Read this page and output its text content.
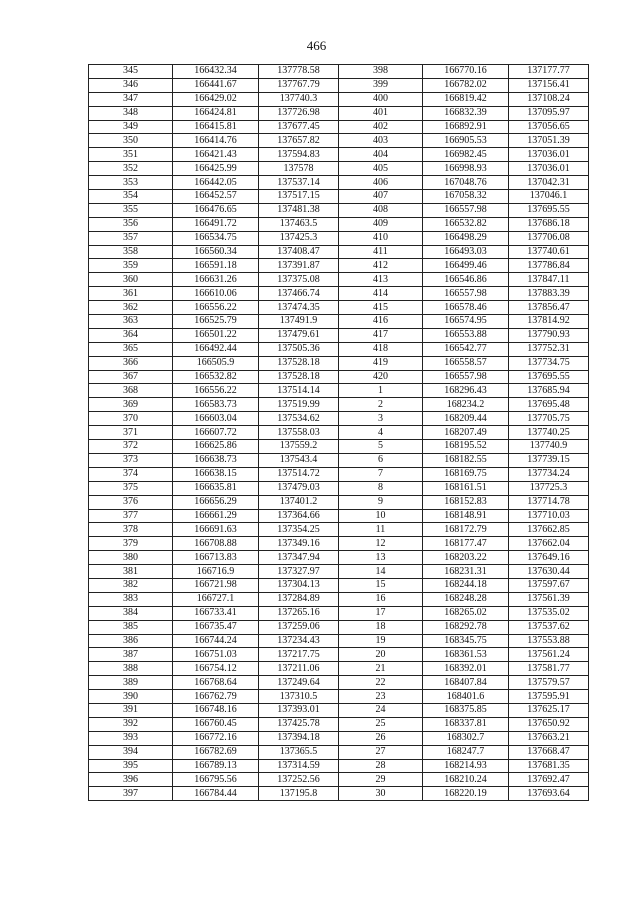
466
345	166432.34	137778.58	398	166770.16	137177.77
346	166441.67	137767.79	399	166782.02	137156.41
347	166429.02	137740.3	400	166819.42	137108.24
348	166424.81	137726.98	401	166832.39	137095.97
349	166415.81	137677.45	402	166892.91	137056.65
350	166414.76	137657.82	403	166905.53	137051.39
351	166421.43	137594.83	404	166982.45	137036.01
352	166425.99	137578	405	166998.93	137036.01
353	166442.05	137537.14	406	167048.76	137042.31
354	166452.57	137517.15	407	167058.32	137046.1
355	166476.65	137481.38	408	166557.98	137695.55
356	166491.72	137463.5	409	166532.82	137686.18
357	166534.75	137425.3	410	166498.29	137706.08
358	166560.34	137408.47	411	166493.03	137740.61
359	166591.18	137391.87	412	166499.46	137786.84
360	166631.26	137375.08	413	166546.86	137847.11
361	166610.06	137466.74	414	166557.98	137883.39
362	166556.22	137474.35	415	166578.46	137856.47
363	166525.79	137491.9	416	166574.95	137814.92
364	166501.22	137479.61	417	166553.88	137790.93
365	166492.44	137505.36	418	166542.77	137752.31
366	166505.9	137528.18	419	166558.57	137734.75
367	166532.82	137528.18	420	166557.98	137695.55
368	166556.22	137514.14	1	168296.43	137685.94
369	166583.73	137519.99	2	168234.2	137695.48
370	166603.04	137534.62	3	168209.44	137705.75
371	166607.72	137558.03	4	168207.49	137740.25
372	166625.86	137559.2	5	168195.52	137740.9
373	166638.73	137543.4	6	168182.55	137739.15
374	166638.15	137514.72	7	168169.75	137734.24
375	166635.81	137479.03	8	168161.51	137725.3
376	166656.29	137401.2	9	168152.83	137714.78
377	166661.29	137364.66	10	168148.91	137710.03
378	166691.63	137354.25	11	168172.79	137662.85
379	166708.88	137349.16	12	168177.47	137662.04
380	166713.83	137347.94	13	168203.22	137649.16
381	166716.9	137327.97	14	168231.31	137630.44
382	166721.98	137304.13	15	168244.18	137597.67
383	166727.1	137284.89	16	168248.28	137561.39
384	166733.41	137265.16	17	168265.02	137535.02
385	166735.47	137259.06	18	168292.78	137537.62
386	166744.24	137234.43	19	168345.75	137553.88
387	166751.03	137217.75	20	168361.53	137561.24
388	166754.12	137211.06	21	168392.01	137581.77
389	166768.64	137249.64	22	168407.84	137579.57
390	166762.79	137310.5	23	168401.6	137595.91
391	166748.16	137393.01	24	168375.85	137625.17
392	166760.45	137425.78	25	168337.81	137650.92
393	166772.16	137394.18	26	168302.7	137663.21
394	166782.69	137365.5	27	168247.7	137668.47
395	166789.13	137314.59	28	168214.93	137681.35
396	166795.56	137252.56	29	168210.24	137692.47
397	166784.44	137195.8	30	168220.19	137693.64
